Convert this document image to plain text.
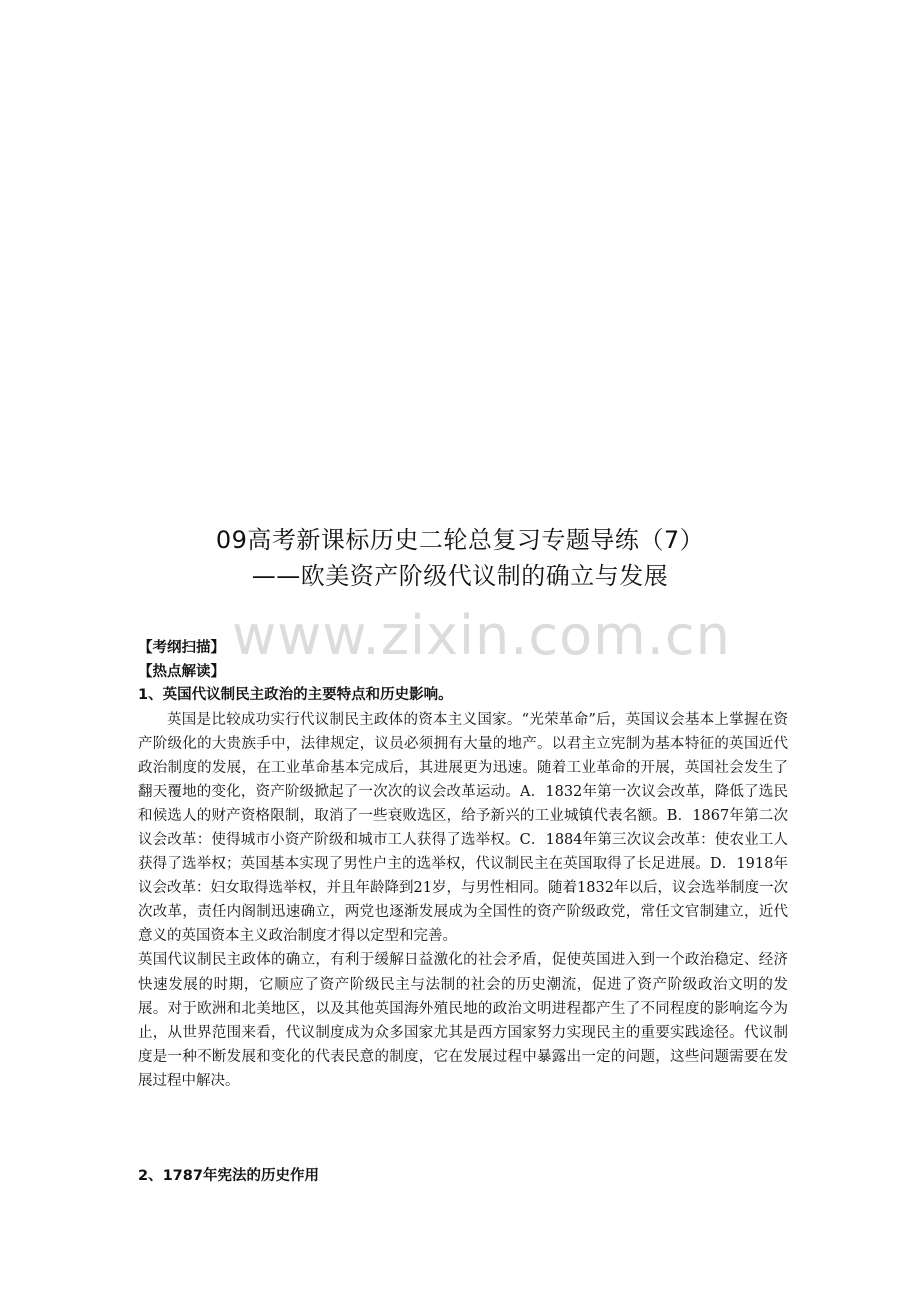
09高考新课标历史二轮总复习专题导练（7）
——欧美资产阶级代议制的确立与发展
www.zixin.com.cn
【考纲扫描】
【热点解读】
1、英国代议制民主政治的主要特点和历史影响。

英国是比较成功实行代议制民主政体的资本主义国家。“光荣革命”后，英国议会基本上掌握在资产阶级化的大贵族手中，法律规定，议员必须拥有大量的地产。以君主立宪制为基本特征的英国近代政治制度的发展，在工业革命基本完成后，其进展更为迅速。随着工业革命的开展，英国社会发生了翻天覆地的变化，资产阶级掀起了一次次的议会改革运动。A．1832年第一次议会改革，降低了选民和候选人的财产资格限制，取消了一些衰败选区，给予新兴的工业城镇代表名额。B．1867年第二次议会改革：使得城市小资产阶级和城市工人获得了选举权。C．1884年第三次议会改革：使农业工人获得了选举权；英国基本实现了男性户主的选举权，代议制民主在英国取得了长足进展。D．1918年议会改革：妇女取得选举权，并且年龄降到21岁，与男性相同。随着1832年以后，议会选举制度一次次改革，责任内阁制迅速确立，两党也逐渐发展成为全国性的资产阶级政党，常任文官制建立，近代意义的英国资本主义政治制度才得以定型和完善。

英国代议制民主政体的确立，有利于缓解日益激化的社会矛盾，促使英国进入到一个政治稳定、经济快速发展的时期，它顺应了资产阶级民主与法制的社会的历史潮流，促进了资产阶级政治文明的发展。对于欧洲和北美地区，以及其他英国海外殖民地的政治文明进程都产生了不同程度的影响迄今为止，从世界范围来看，代议制度成为众多国家尤其是西方国家努力实现民主的重要实践途径。代议制度是一种不断发展和变化的代表民意的制度，它在发展过程中暴露出一定的问题，这些问题需要在发展过程中解决。

2、1787年宪法的历史作用
